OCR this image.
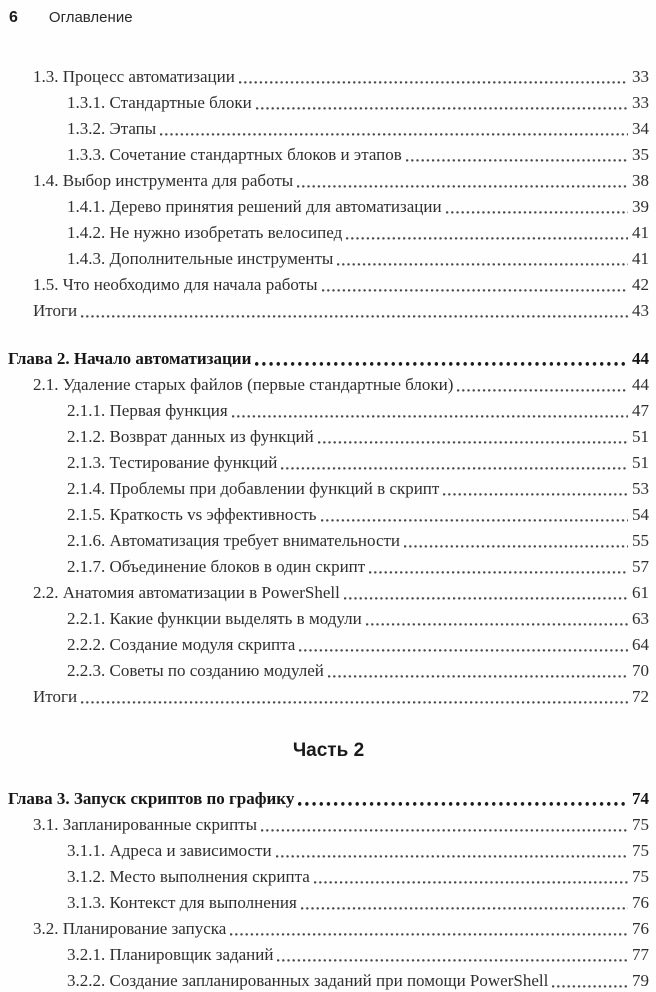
6 Оглавление
1.3. Процесс автоматизации	33
1.3.1. Стандартные блоки	33
1.3.2. Этапы	34
1.3.3. Сочетание стандартных блоков и этапов	35
1.4. Выбор инструмента для работы	38
1.4.1. Дерево принятия решений для автоматизации	39
1.4.2. Не нужно изобретать велосипед	41
1.4.3. Дополнительные инструменты	41
1.5. Что необходимо для начала работы	42
Итоги	43
Глава 2. Начало автоматизации	44
2.1. Удаление старых файлов (первые стандартные блоки)	44
2.1.1. Первая функция	47
2.1.2. Возврат данных из функций	51
2.1.3. Тестирование функций	51
2.1.4. Проблемы при добавлении функций в скрипт	53
2.1.5. Краткость vs эффективность	54
2.1.6. Автоматизация требует внимательности	55
2.1.7. Объединение блоков в один скрипт	57
2.2. Анатомия автоматизации в PowerShell	61
2.2.1. Какие функции выделять в модули	63
2.2.2. Создание модуля скрипта	64
2.2.3. Советы по созданию модулей	70
Итоги	72
Часть 2
Глава 3. Запуск скриптов по графику	74
3.1. Запланированные скрипты	75
3.1.1. Адреса и зависимости	75
3.1.2. Место выполнения скрипта	75
3.1.3. Контекст для выполнения	76
3.2. Планирование запуска	76
3.2.1. Планировщик заданий	77
3.2.2. Создание запланированных заданий при помощи PowerShell	79
